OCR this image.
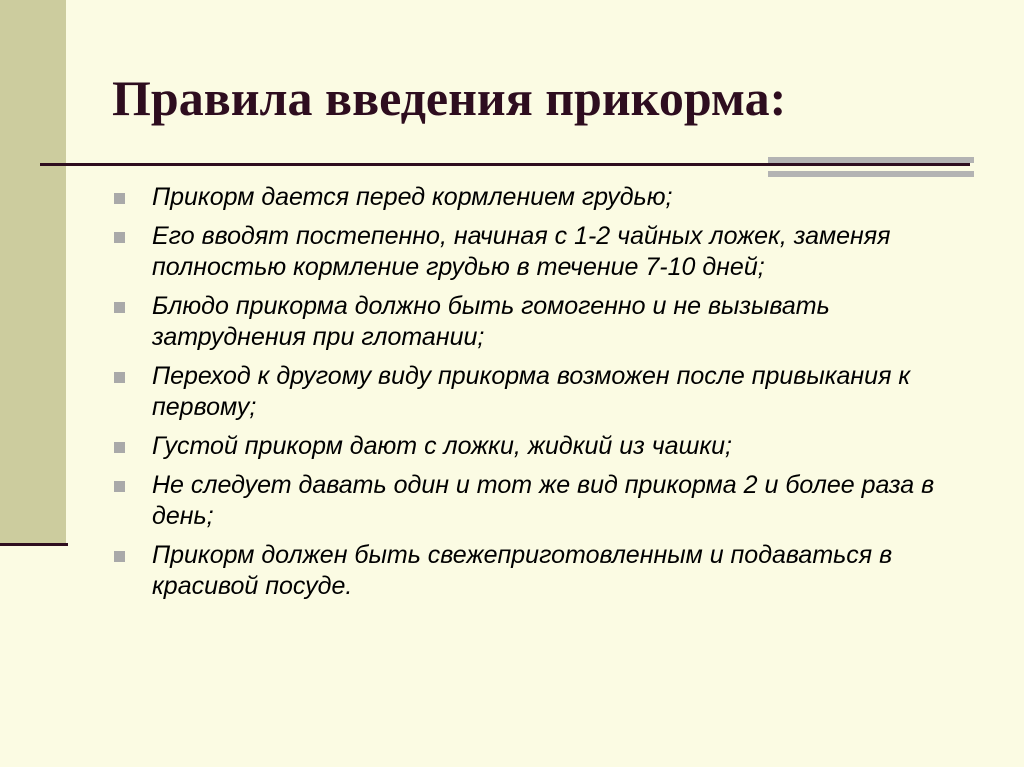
Правила введения прикорма:
Прикорм дается перед кормлением грудью;
Его вводят постепенно, начиная с 1-2 чайных ложек, заменяя полностью кормление грудью в течение 7-10 дней;
Блюдо прикорма должно быть гомогенно и не вызывать затруднения при глотании;
Переход к другому виду прикорма возможен после привыкания к первому;
Густой прикорм дают с ложки, жидкий из чашки;
Не следует давать один и тот же вид прикорма 2 и более раза в день;
Прикорм должен быть свежеприготовленным и подаваться в красивой посуде.
